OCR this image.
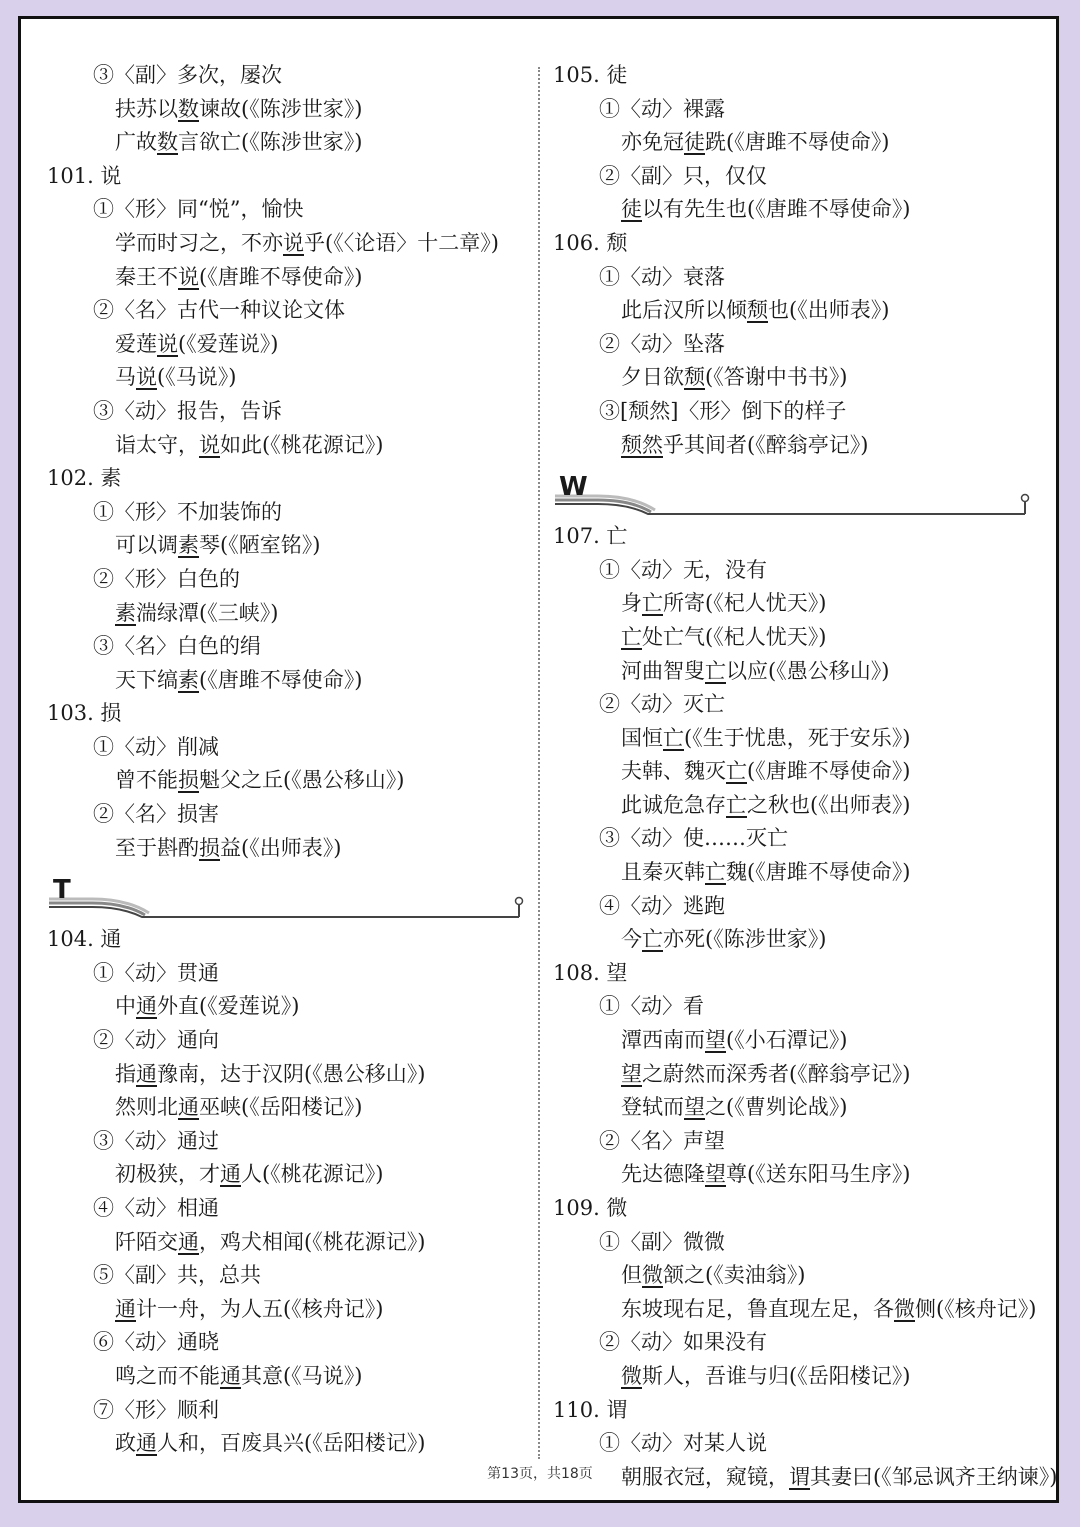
③〈副〉多次，屡次
扶苏以数谏故(《陈涉世家》)
广故数言欲亡(《陈涉世家》)
101. 说
①〈形〉同“悦”，愉快
学而时习之，不亦说乎(《〈论语〉十二章》)
秦王不说(《唐雎不辱使命》)
②〈名〉古代一种议论文体
爱莲说(《爱莲说》)
马说(《马说》)
③〈动〉报告，告诉
诣太守，说如此(《桃花源记》)
102. 素
①〈形〉不加装饰的
可以调素琴(《陋室铭》)
②〈形〉白色的
素湍绿潭(《三峡》)
③〈名〉白色的绢
天下缟素(《唐雎不辱使命》)
103. 损
①〈动〉削减
曾不能损魁父之丘(《愚公移山》)
②〈名〉损害
至于斟酌损益(《出师表》)
T
104. 通
①〈动〉贯通
中通外直(《爱莲说》)
②〈动〉通向
指通豫南，达于汉阴(《愚公移山》)
然则北通巫峡(《岳阳楼记》)
③〈动〉通过
初极狭，才通人(《桃花源记》)
④〈动〉相通
阡陌交通，鸡犬相闻(《桃花源记》)
⑤〈副〉共，总共
通计一舟，为人五(《核舟记》)
⑥〈动〉通晓
鸣之而不能通其意(《马说》)
⑦〈形〉顺利
政通人和，百废具兴(《岳阳楼记》)
105. 徒
①〈动〉裸露
亦免冠徒跣(《唐雎不辱使命》)
②〈副〉只，仅仅
徒以有先生也(《唐雎不辱使命》)
106. 颓
①〈动〉衰落
此后汉所以倾颓也(《出师表》)
②〈动〉坠落
夕日欲颓(《答谢中书书》)
③[颓然]〈形〉倒下的样子
颓然乎其间者(《醉翁亭记》)
W
107. 亡
①〈动〉无，没有
身亡所寄(《杞人忧天》)
亡处亡气(《杞人忧天》)
河曲智叟亡以应(《愚公移山》)
②〈动〉灭亡
国恒亡(《生于忧患，死于安乐》)
夫韩、魏灭亡(《唐雎不辱使命》)
此诚危急存亡之秋也(《出师表》)
③〈动〉使……灭亡
且秦灭韩亡魏(《唐雎不辱使命》)
④〈动〉逃跑
今亡亦死(《陈涉世家》)
108. 望
①〈动〉看
潭西南而望(《小石潭记》)
望之蔚然而深秀者(《醉翁亭记》)
登轼而望之(《曹刿论战》)
②〈名〉声望
先达德隆望尊(《送东阳马生序》)
109. 微
①〈副〉微微
但微颔之(《卖油翁》)
东坡现右足，鲁直现左足，各微侧(《核舟记》)
②〈动〉如果没有
微斯人，吾谁与归(《岳阳楼记》)
110. 谓
①〈动〉对某人说
朝服衣冠，窥镜，谓其妻曰(《邹忌讽齐王纳谏》)
第13页，共18页
